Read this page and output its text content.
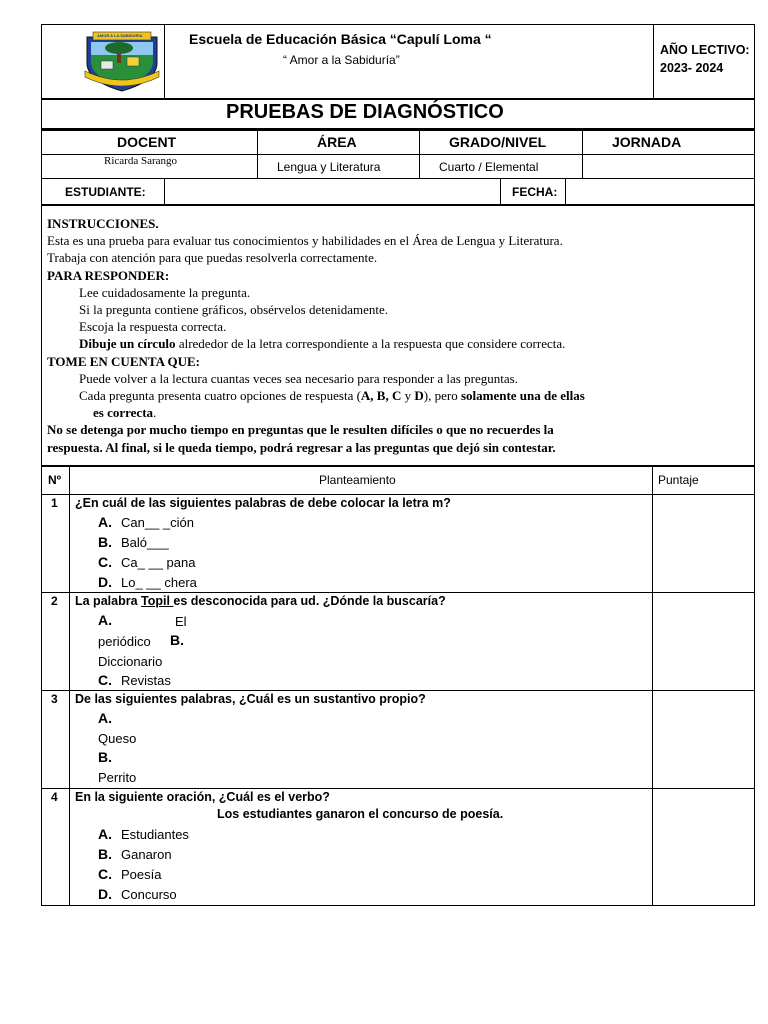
AMOR A LA SABIDURIA	Escuela de Educación Básica “Capulí Loma “
“ Amor a la Sabiduría”
AÑO LECTIVO:
2023- 2024
PRUEBAS DE DIAGNÓSTICO
DOCENT	ÁREA	GRADO/NIVEL	JORNADA
Ricarda Sarango	Lengua y Literatura	Cuarto / Elemental
ESTUDIANTE:	FECHA:
INSTRUCCIONES.
Esta es una prueba para evaluar tus conocimientos y habilidades en el Área de Lengua y Literatura.
Trabaja con atención para que puedas resolverla correctamente.
PARA RESPONDER:
Lee cuidadosamente la pregunta.
Si la pregunta contiene gráficos, obsérvelos detenidamente.
Escoja la respuesta correcta.
Dibuje un círculo alrededor de la letra correspondiente a la respuesta que considere correcta.
TOME EN CUENTA QUE:
Puede volver a la lectura cuantas veces sea necesario para responder a las preguntas.
Cada pregunta presenta cuatro opciones de respuesta (A, B, C y D), pero solamente una de ellas
es correcta.
No se detenga por mucho tiempo en preguntas que le resulten difíciles o que no recuerdes la
respuesta. Al final, si le queda tiempo, podrá regresar a las preguntas que dejó sin contestar.
Nº	Planteamiento	Puntaje
1 ¿En cuál de las siguientes palabras de debe colocar la letra m?
A. Can__ _ción
B. Baló___
C. Ca_ __ pana
D. Lo_ __ chera
2 La palabra Topil es desconocida para ud. ¿Dónde la buscaría?
A.	El
periódico B.
Diccionario
C. Revistas
3 De las siguientes palabras, ¿Cuál es un sustantivo propio?
A.
Queso
B.
Perrito
4 En la siguiente oración, ¿Cuál es el verbo?
Los estudiantes ganaron el concurso de poesía.
A. Estudiantes
B. Ganaron
C. Poesía
D. Concurso
